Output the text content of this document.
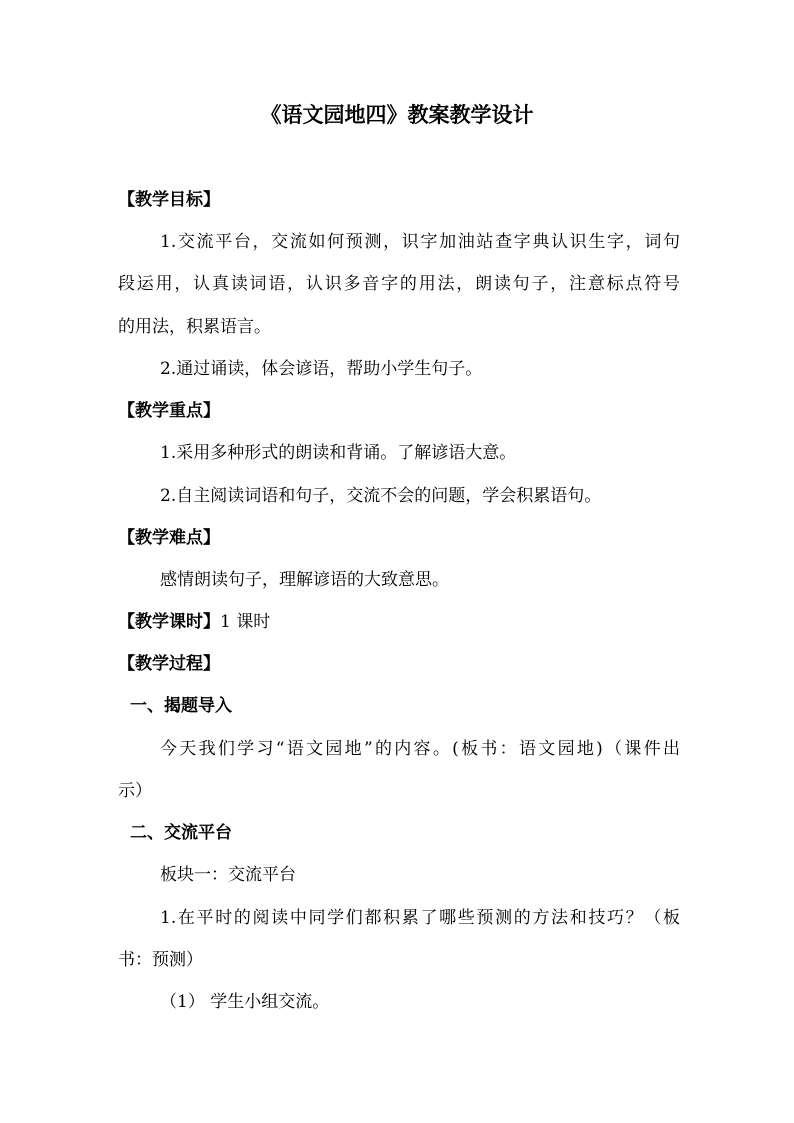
《语文园地四》教案教学设计
【教学目标】
1.交流平台，交流如何预测，识字加油站查字典认识生字，词句
段运用，认真读词语，认识多音字的用法，朗读句子，注意标点符号
的用法，积累语言。
2.通过诵读，体会谚语，帮助小学生句子。
【教学重点】
1.采用多种形式的朗读和背诵。了解谚语大意。
2.自主阅读词语和句子，交流不会的问题，学会积累语句。
【教学难点】
感情朗读句子，理解谚语的大致意思。
【教学课时】1 课时
【教学过程】
一、揭题导入
今天我们学习“语文园地”的内容。(板书：语文园地)（课件出
示）
二、交流平台
板块一：交流平台
1.在平时的阅读中同学们都积累了哪些预测的方法和技巧？（板
书：预测）
（1） 学生小组交流。
